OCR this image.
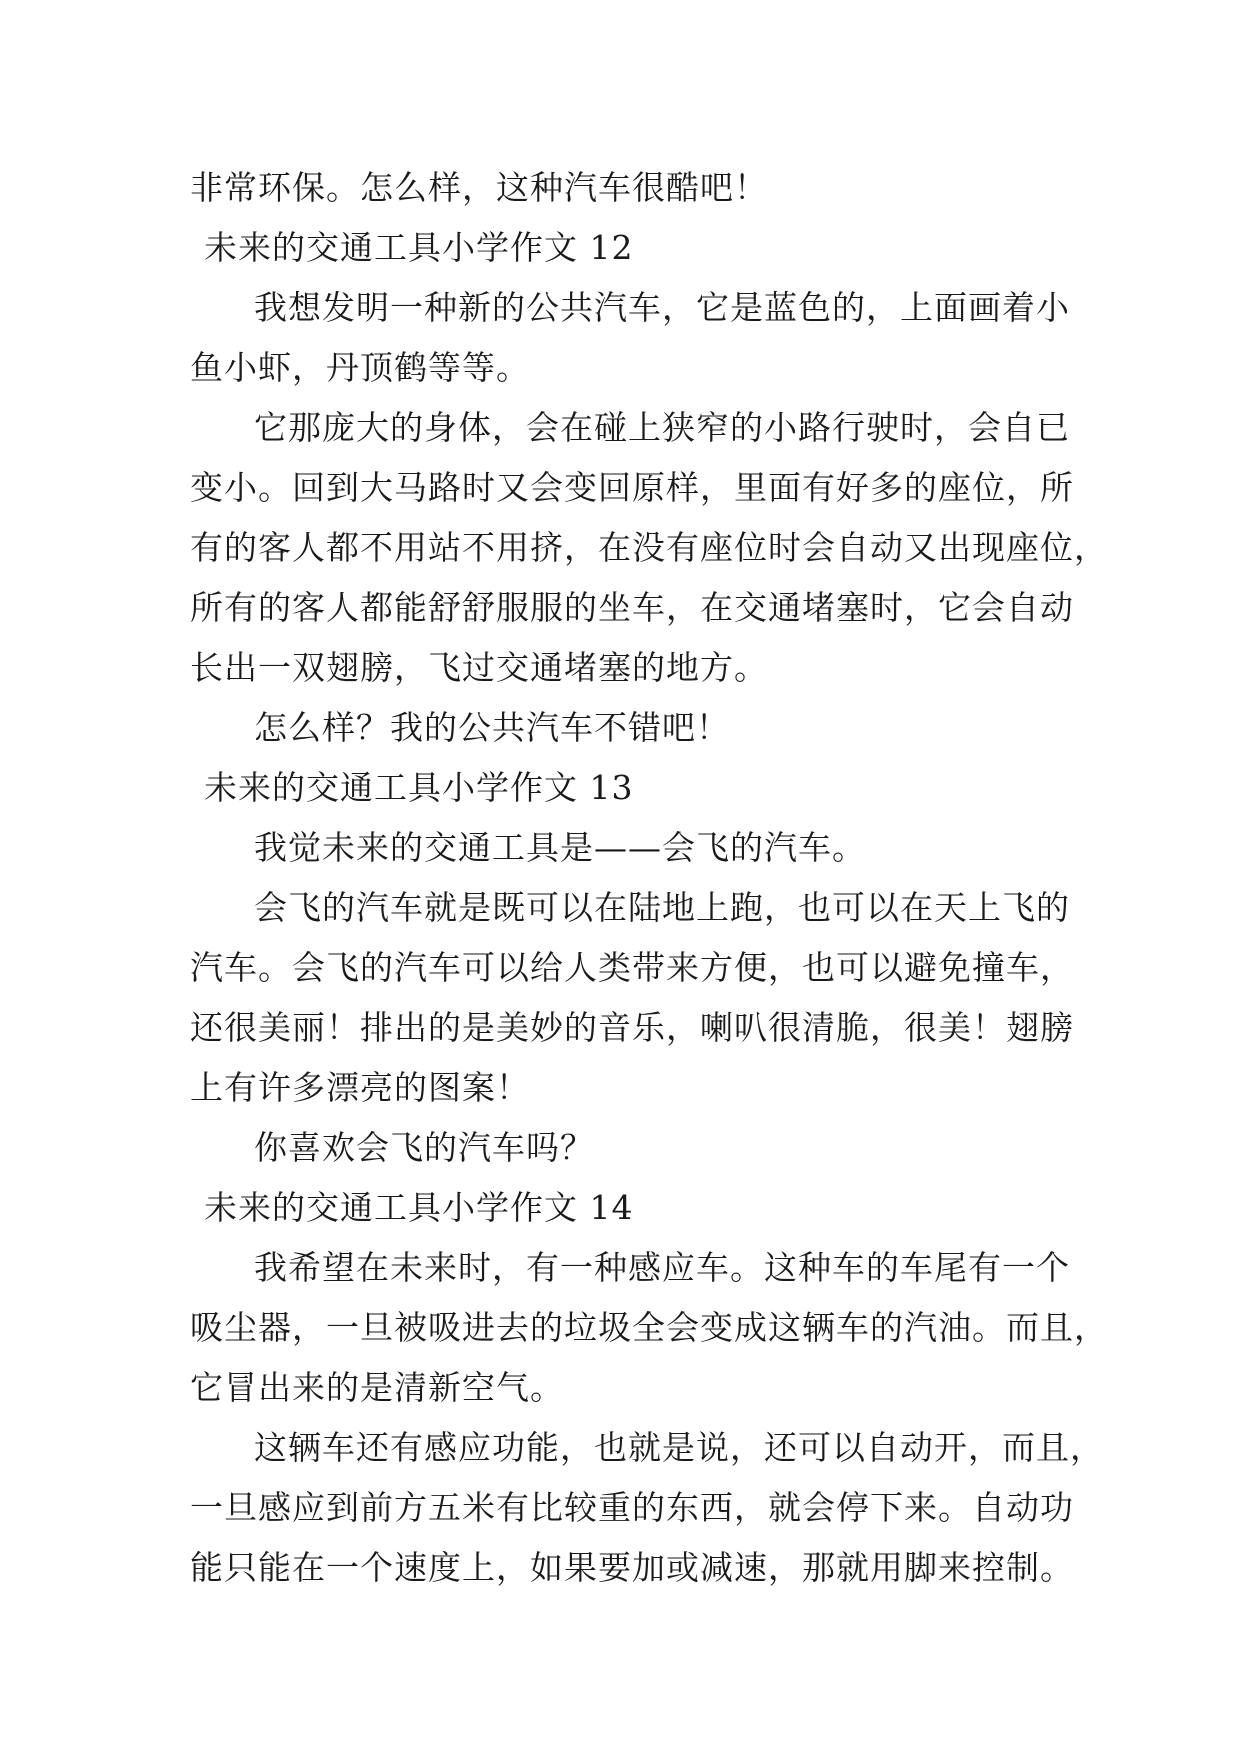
非常环保。怎么样，这种汽车很酷吧！
未来的交通工具小学作文 12
我想发明一种新的公共汽车，它是蓝色的，上面画着小
鱼小虾，丹顶鹤等等。
它那庞大的身体，会在碰上狭窄的小路行驶时，会自已
变小。回到大马路时又会变回原样，里面有好多的座位，所
有的客人都不用站不用挤，在没有座位时会自动又出现座位，
所有的客人都能舒舒服服的坐车，在交通堵塞时，它会自动
长出一双翅膀，飞过交通堵塞的地方。
怎么样？我的公共汽车不错吧！
未来的交通工具小学作文 13
我觉未来的交通工具是——会飞的汽车。
会飞的汽车就是既可以在陆地上跑，也可以在天上飞的
汽车。会飞的汽车可以给人类带来方便，也可以避免撞车，
还很美丽！排出的是美妙的音乐，喇叭很清脆，很美！翅膀
上有许多漂亮的图案！
你喜欢会飞的汽车吗？
未来的交通工具小学作文 14
我希望在未来时，有一种感应车。这种车的车尾有一个
吸尘器，一旦被吸进去的垃圾全会变成这辆车的汽油。而且，
它冒出来的是清新空气。
这辆车还有感应功能，也就是说，还可以自动开，而且，
一旦感应到前方五米有比较重的东西，就会停下来。自动功
能只能在一个速度上，如果要加或减速，那就用脚来控制。
